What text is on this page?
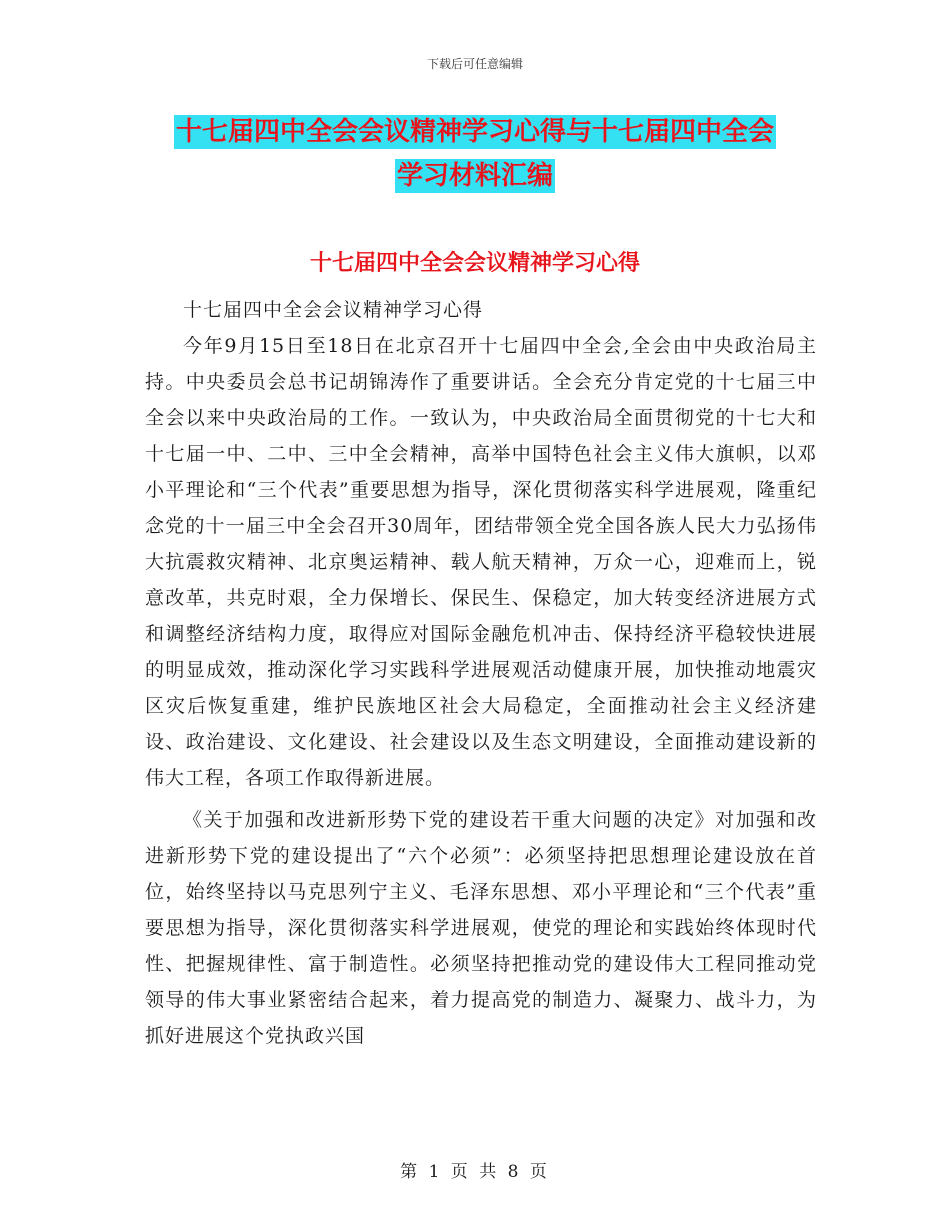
下载后可任意编辑
十七届四中全会会议精神学习心得与十七届四中全会
学习材料汇编
十七届四中全会会议精神学习心得

十七届四中全会会议精神学习心得

今年9月15日至18日在北京召开十七届四中全会,全会由中央政治局主持。中央委员会总书记胡锦涛作了重要讲话。全会充分肯定党的十七届三中全会以来中央政治局的工作。一致认为，中央政治局全面贯彻党的十七大和十七届一中、二中、三中全会精神，高举中国特色社会主义伟大旗帜，以邓小平理论和“三个代表”重要思想为指导，深化贯彻落实科学进展观，隆重纪念党的十一届三中全会召开30周年，团结带领全党全国各族人民大力弘扬伟大抗震救灾精神、北京奥运精神、载人航天精神，万众一心，迎难而上，锐意改革，共克时艰，全力保增长、保民生、保稳定，加大转变经济进展方式和调整经济结构力度，取得应对国际金融危机冲击、保持经济平稳较快进展的明显成效，推动深化学习实践科学进展观活动健康开展，加快推动地震灾区灾后恢复重建，维护民族地区社会大局稳定，全面推动社会主义经济建设、政治建设、文化建设、社会建设以及生态文明建设，全面推动建设新的伟大工程，各项工作取得新进展。

《关于加强和改进新形势下党的建设若干重大问题的决定》对加强和改进新形势下党的建设提出了“六个必须”：必须坚持把思想理论建设放在首位，始终坚持以马克思列宁主义、毛泽东思想、邓小平理论和“三个代表”重要思想为指导，深化贯彻落实科学进展观，使党的理论和实践始终体现时代性、把握规律性、富于制造性。必须坚持把推动党的建设伟大工程同推动党领导的伟大事业紧密结合起来，着力提高党的制造力、凝聚力、战斗力，为抓好进展这个党执政兴国

第 1 页 共 8 页
